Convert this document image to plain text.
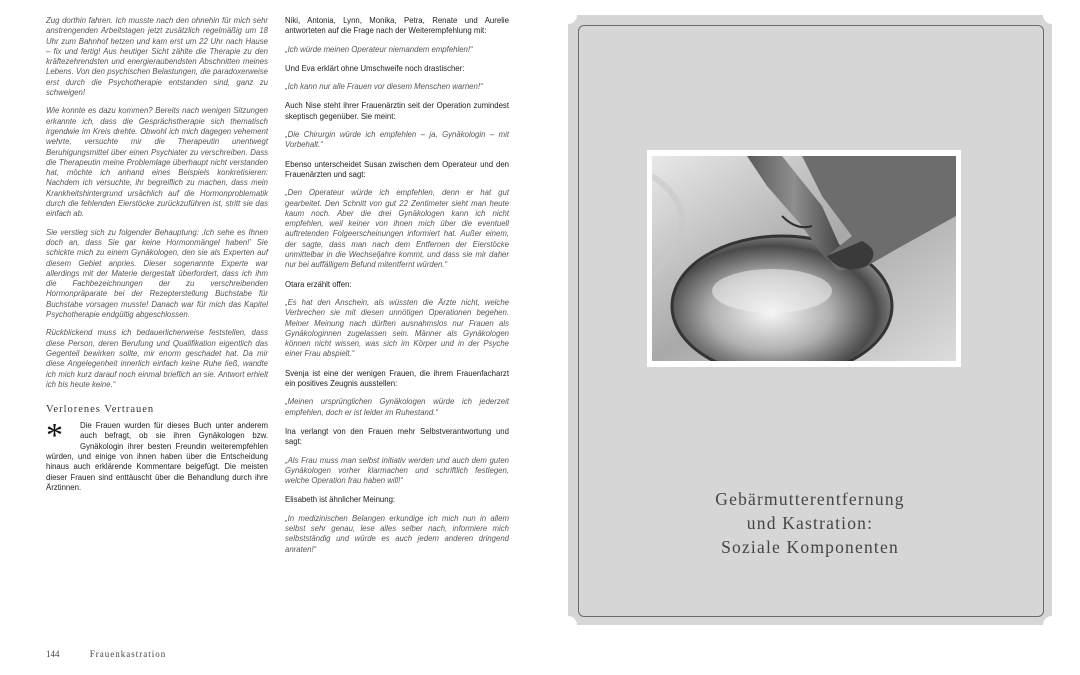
Zug dorthin fahren. Ich musste nach den ohnehin für mich sehr anstrengenden Arbeitstagen jetzt zusätzlich regelmäßig um 18 Uhr zum Bahnhof hetzen und kam erst um 22 Uhr nach Hause – fix und fertig! Aus heutiger Sicht zählte die Therapie zu den kräftezehrendsten und energieraubendsten Abschnitten meines Lebens. Von den psychischen Belastungen, die paradoxerweise erst durch die Psychotherapie entstanden sind, ganz zu schweigen!

Wie konnte es dazu kommen? Bereits nach wenigen Sitzungen erkannte ich, dass die Gesprächstherapie sich thematisch irgendwie im Kreis drehte. Obwohl ich mich dagegen vehement wehrte, versuchte mir die Therapeutin unentwegt Beruhigungsmittel über einen Psychiater zu verschreiben. Dass die Therapeutin meine Problemlage überhaupt nicht verstanden hat, möchte ich anhand eines Beispiels konkretisieren: Nachdem ich versuchte, ihr begreiflich zu machen, dass mein Krankheitshintergrund ursächlich auf die Hormonproblematik durch die fehlenden Eierstöcke zurückzuführen ist, stritt sie das einfach ab.

Sie verstieg sich zu folgender Behauptung: ‚Ich sehe es Ihnen doch an, dass Sie gar keine Hormonmängel haben!' Sie schickte mich zu einem Gynäkologen, den sie als Experten auf diesem Gebiet anpries. Dieser sogenannte Experte war allerdings mit der Materie dergestalt überfordert, dass ich ihm die Fachbezeichnungen der zu verschreibenden Hormonpräparate bei der Rezepterstellung Buchstabe für Buchstabe vorsagen musste! Danach war für mich das Kapitel Psychotherapie endgültig abgeschlossen.

Rückblickend muss ich bedauerlicherweise feststellen, dass diese Person, deren Berufung und Qualifikation eigentlich das Gegenteil bewirken sollte, mir enorm geschadet hat. Da mir diese Angelegenheit innerlich einfach keine Ruhe ließ, wandte ich mich kurz darauf noch einmal brieflich an sie. Antwort erhielt ich bis heute keine.“

Verlorenes Vertrauen

*	Die Frauen wurden für dieses Buch unter anderem auch befragt, ob sie ihren Gynäkologen bzw. Gynäkologin ihrer besten Freundin weiterempfehlen würden, und einige von ihnen haben über die Entscheidung hinaus auch erklärende Kommentare beigefügt. Die meisten dieser Frauen sind enttäuscht über die Behandlung durch ihre Ärztinnen.

Niki, Antonia, Lynn, Monika, Petra, Renate und Aurelie antworteten auf die Frage nach der Weiterempfehlung mit:

„Ich würde meinen Operateur niemandem empfehlen!“

Und Eva erklärt ohne Umschweife noch drastischer:

„Ich kann nur alle Frauen vor diesem Menschen warnen!“

Auch Nise steht ihrer Frauenärztin seit der Operation zumindest skeptisch gegenüber. Sie meint:

„Die Chirurgin würde ich empfehlen – ja, Gynäkologin – mit Vorbehalt.“

Ebenso unterscheidet Susan zwischen dem Operateur und den Frauenärzten und sagt:

„Den Operateur würde ich empfehlen, denn er hat gut gearbeitet. Den Schnitt von gut 22 Zentimeter sieht man heute kaum noch. Aber die drei Gynäkologen kann ich nicht empfehlen, weil keiner von ihnen mich über die eventuell auftretenden Folgeerscheinungen informiert hat. Außer einem, der sagte, dass man nach dem Entfernen der Eierstöcke unmittelbar in die Wechseljahre kommt, und dass sie mir daher nur bei auffälligem Befund mitentfernt würden.“

Otara erzählt offen:

„Es hat den Anschein, als wüssten die Ärzte nicht, welche Verbrechen sie mit diesen unnötigen Operationen begehen. Meiner Meinung nach dürften ausnahmslos nur Frauen als Gynäkologinnen zugelassen sein. Männer als Gynäkologen können nicht wissen, was sich im Körper und in der Psyche einer Frau abspielt.“

Svenja ist eine der wenigen Frauen, die ihrem Frauenfacharzt ein positives Zeugnis ausstellen:

„Meinen ursprünglichen Gynäkologen würde ich jederzeit empfehlen, doch er ist leider im Ruhestand.“

Ina verlangt von den Frauen mehr Selbstverantwortung und sagt:

„Als Frau muss man selbst initiativ werden und auch dem guten Gynäkologen vorher klarmachen und schriftlich festlegen, welche Operation frau haben will!“

Elisabeth ist ähnlicher Meinung:

„In medizinischen Belangen erkundige ich mich nun in allem selbst sehr genau, lese alles selber nach, informiere mich selbstständig und würde es auch jedem anderen dringend anraten!“

144	Frauenkastration
Gebärmutterentfernung
und Kastration:
Soziale Komponenten
